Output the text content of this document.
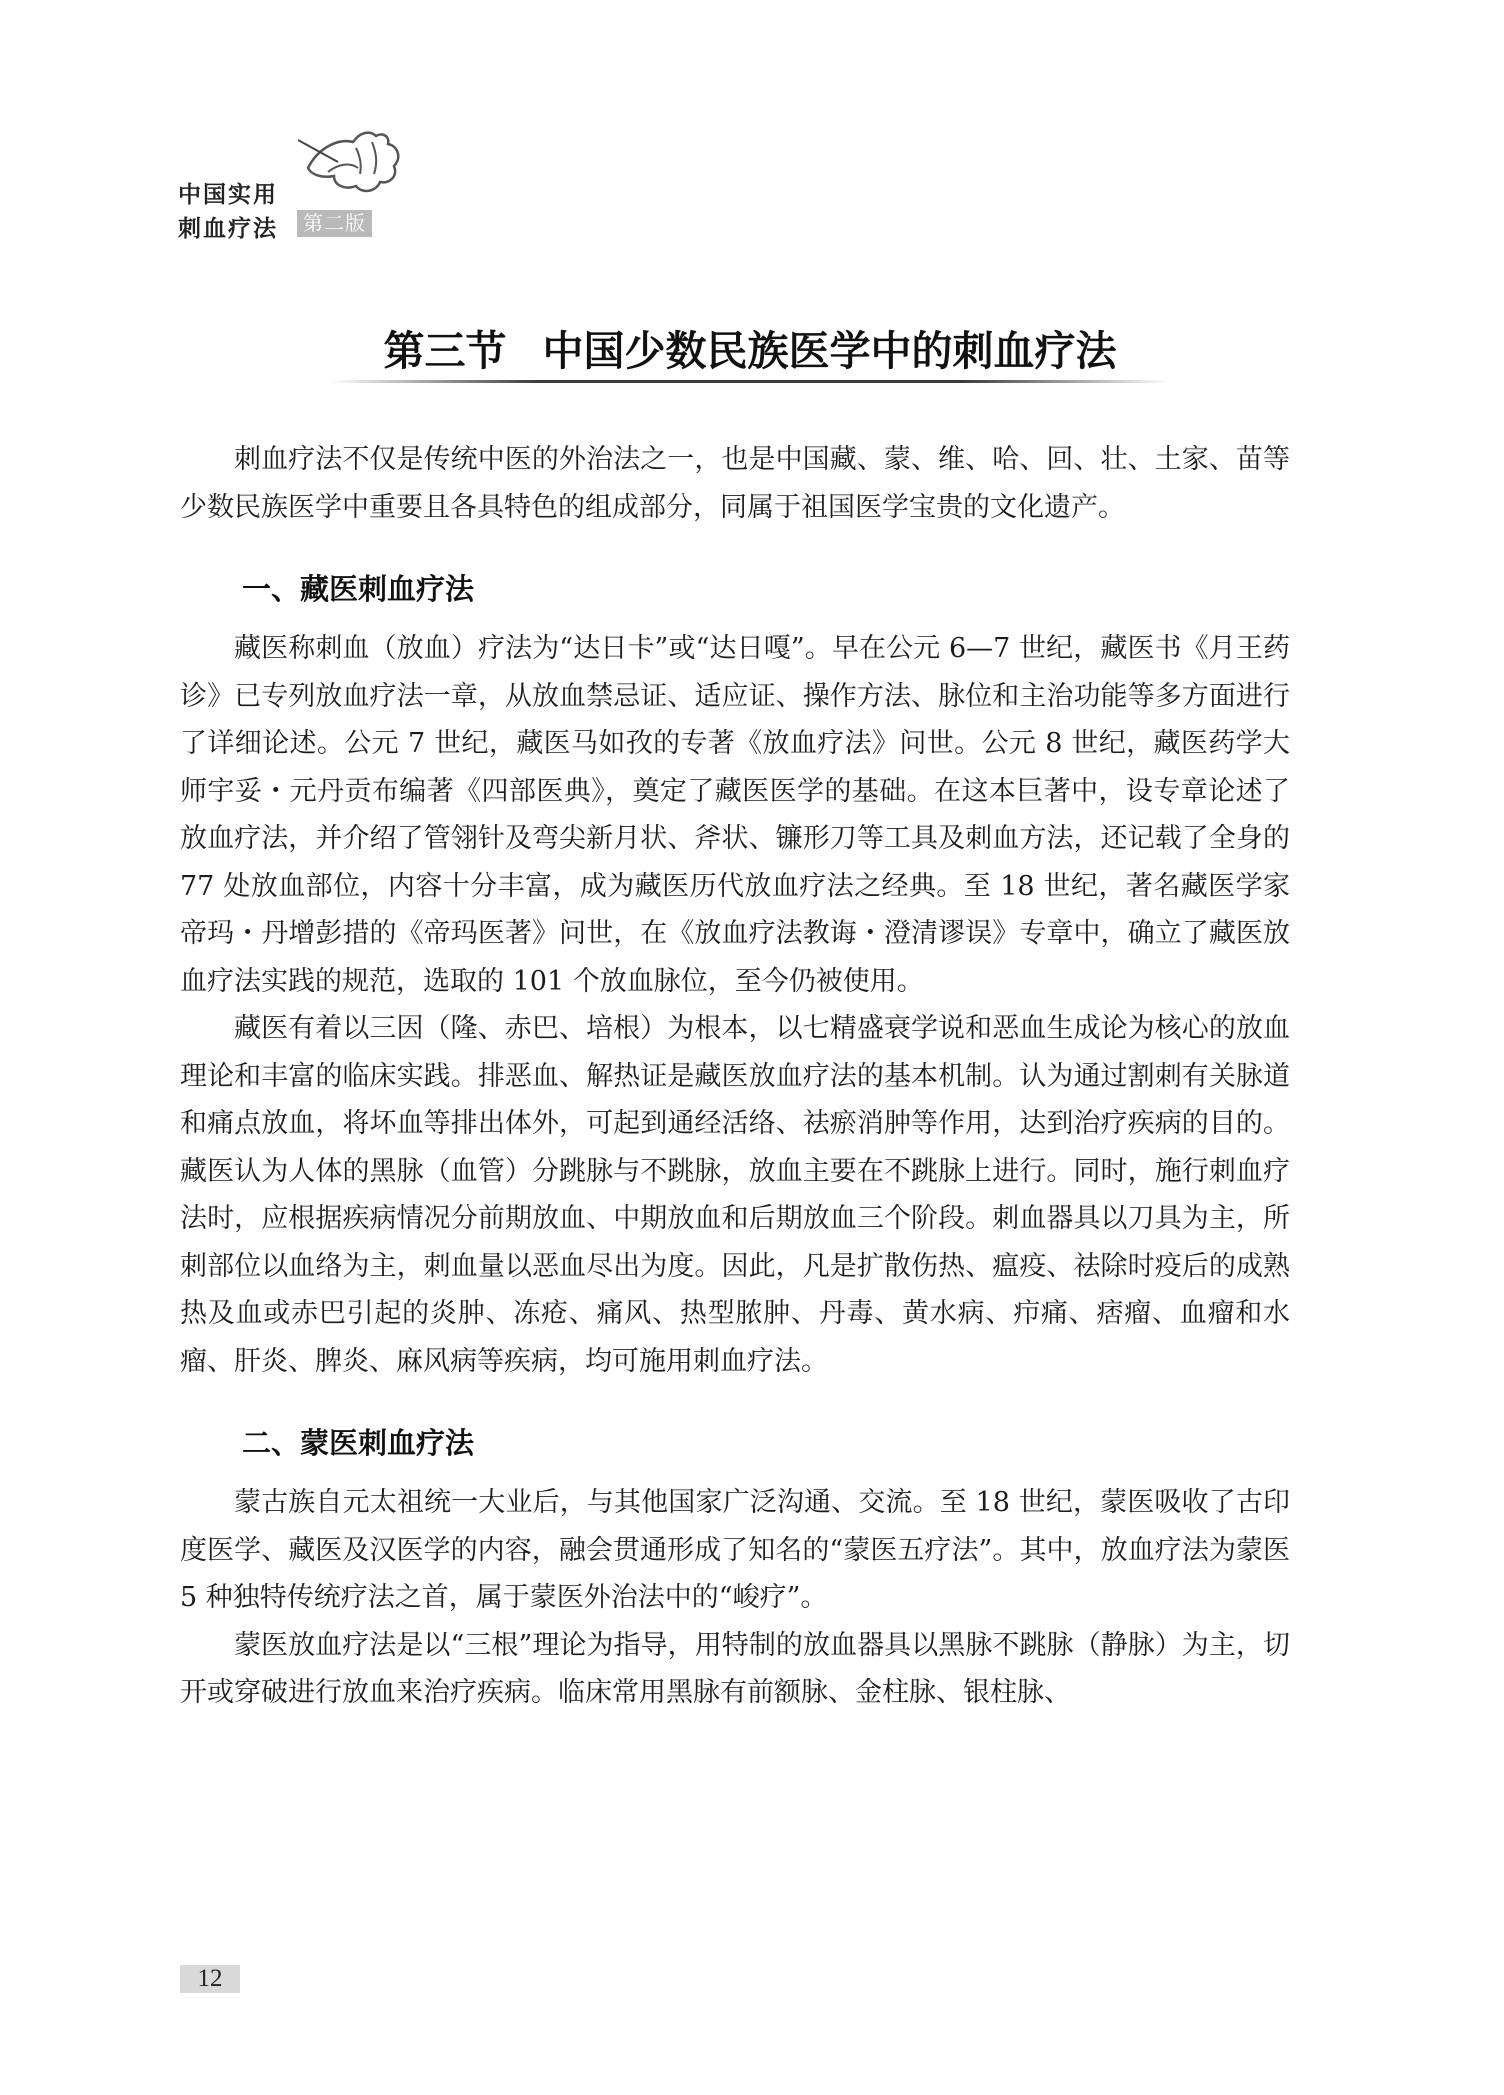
中国实用
刺血疗法	第二版
第三节 中国少数民族医学中的刺血疗法

刺血疗法不仅是传统中医的外治法之一，也是中国藏、蒙、维、哈、回、壮、土家、苗等少数民族医学中重要且各具特色的组成部分，同属于祖国医学宝贵的文化遗产。

一、藏医刺血疗法

藏医称刺血（放血）疗法为“达日卡”或“达日嘎”。早在公元 6—7 世纪，藏医书《月王药诊》已专列放血疗法一章，从放血禁忌证、适应证、操作方法、脉位和主治功能等多方面进行了详细论述。公元 7 世纪，藏医马如孜的专著《放血疗法》问世。公元 8 世纪，藏医药学大师宇妥・元丹贡布编著《四部医典》，奠定了藏医医学的基础。在这本巨著中，设专章论述了放血疗法，并介绍了管翎针及弯尖新月状、斧状、镰形刀等工具及刺血方法，还记载了全身的 77 处放血部位，内容十分丰富，成为藏医历代放血疗法之经典。至 18 世纪，著名藏医学家帝玛・丹增彭措的《帝玛医著》问世，在《放血疗法教诲・澄清谬误》专章中，确立了藏医放血疗法实践的规范，选取的 101 个放血脉位，至今仍被使用。

藏医有着以三因（隆、赤巴、培根）为根本，以七精盛衰学说和恶血生成论为核心的放血理论和丰富的临床实践。排恶血、解热证是藏医放血疗法的基本机制。认为通过割刺有关脉道和痛点放血，将坏血等排出体外，可起到通经活络、祛瘀消肿等作用，达到治疗疾病的目的。藏医认为人体的黑脉（血管）分跳脉与不跳脉，放血主要在不跳脉上进行。同时，施行刺血疗法时，应根据疾病情况分前期放血、中期放血和后期放血三个阶段。刺血器具以刀具为主，所刺部位以血络为主，刺血量以恶血尽出为度。因此，凡是扩散伤热、瘟疫、祛除时疫后的成熟热及血或赤巴引起的炎肿、冻疮、痛风、热型脓肿、丹毒、黄水病、疖痛、痞瘤、血瘤和水瘤、肝炎、脾炎、麻风病等疾病，均可施用刺血疗法。

二、蒙医刺血疗法

蒙古族自元太祖统一大业后，与其他国家广泛沟通、交流。至 18 世纪，蒙医吸收了古印度医学、藏医及汉医学的内容，融会贯通形成了知名的“蒙医五疗法”。其中，放血疗法为蒙医 5 种独特传统疗法之首，属于蒙医外治法中的“峻疗”。

蒙医放血疗法是以“三根”理论为指导，用特制的放血器具以黑脉不跳脉（静脉）为主，切开或穿破进行放血来治疗疾病。临床常用黑脉有前额脉、金柱脉、银柱脉、

12
